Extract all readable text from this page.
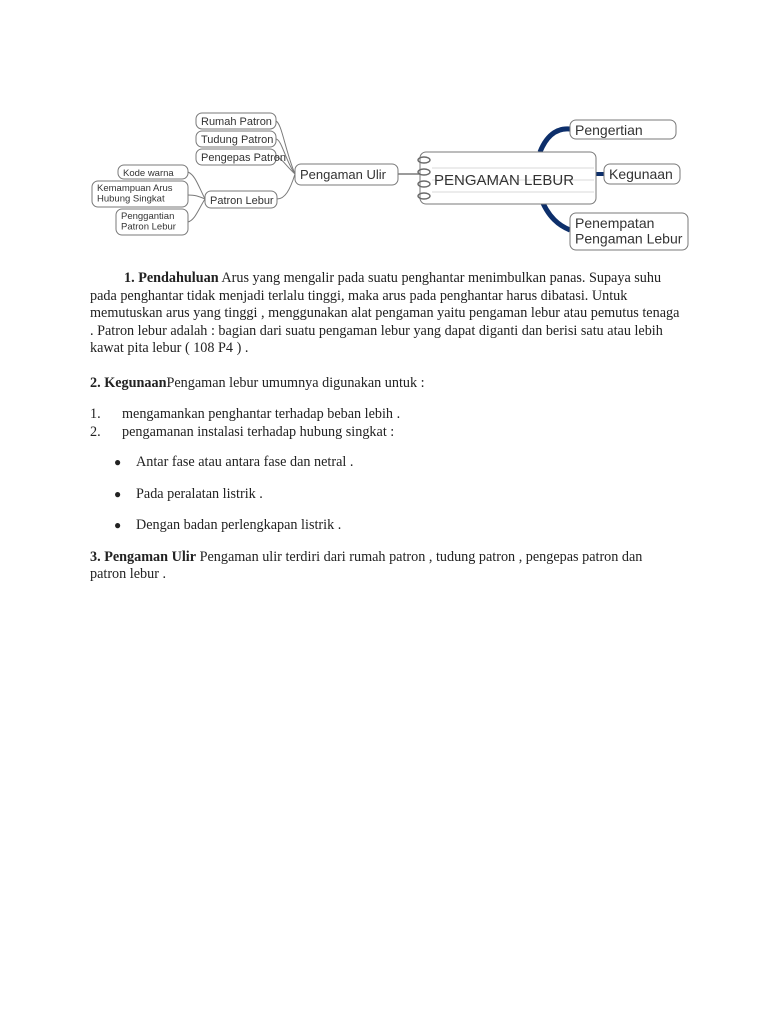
PENGAMAN LEBUR
Pengertian
Kegunaan
Penempatan Pengaman Lebur
Pengaman Ulir
Rumah Patron
Tudung Patron
Pengepas Patron
Patron Lebur
Kode warna
Kemampuan Arus Hubung Singkat
Penggantian Patron Lebur

1. Pendahuluan Arus yang mengalir pada suatu penghantar menimbulkan panas. Supaya suhu pada penghantar tidak menjadi terlalu tinggi, maka arus pada penghantar harus dibatasi. Untuk memutuskan arus yang tinggi , menggunakan alat pengaman yaitu pengaman lebur atau pemutus tenaga . Patron lebur adalah : bagian dari suatu pengaman lebur yang dapat diganti dan berisi satu atau lebih kawat pita lebur ( 108 P4 ) .

2. KegunaanPengaman lebur umumnya digunakan untuk :

1. mengamankan penghantar terhadap beban lebih .
2. pengamanan instalasi terhadap hubung singkat :
● Antar fase atau antara fase dan netral .
● Pada peralatan listrik .
● Dengan badan perlengkapan listrik .

3. Pengaman Ulir Pengaman ulir terdiri dari rumah patron , tudung patron , pengepas patron dan patron lebur .
